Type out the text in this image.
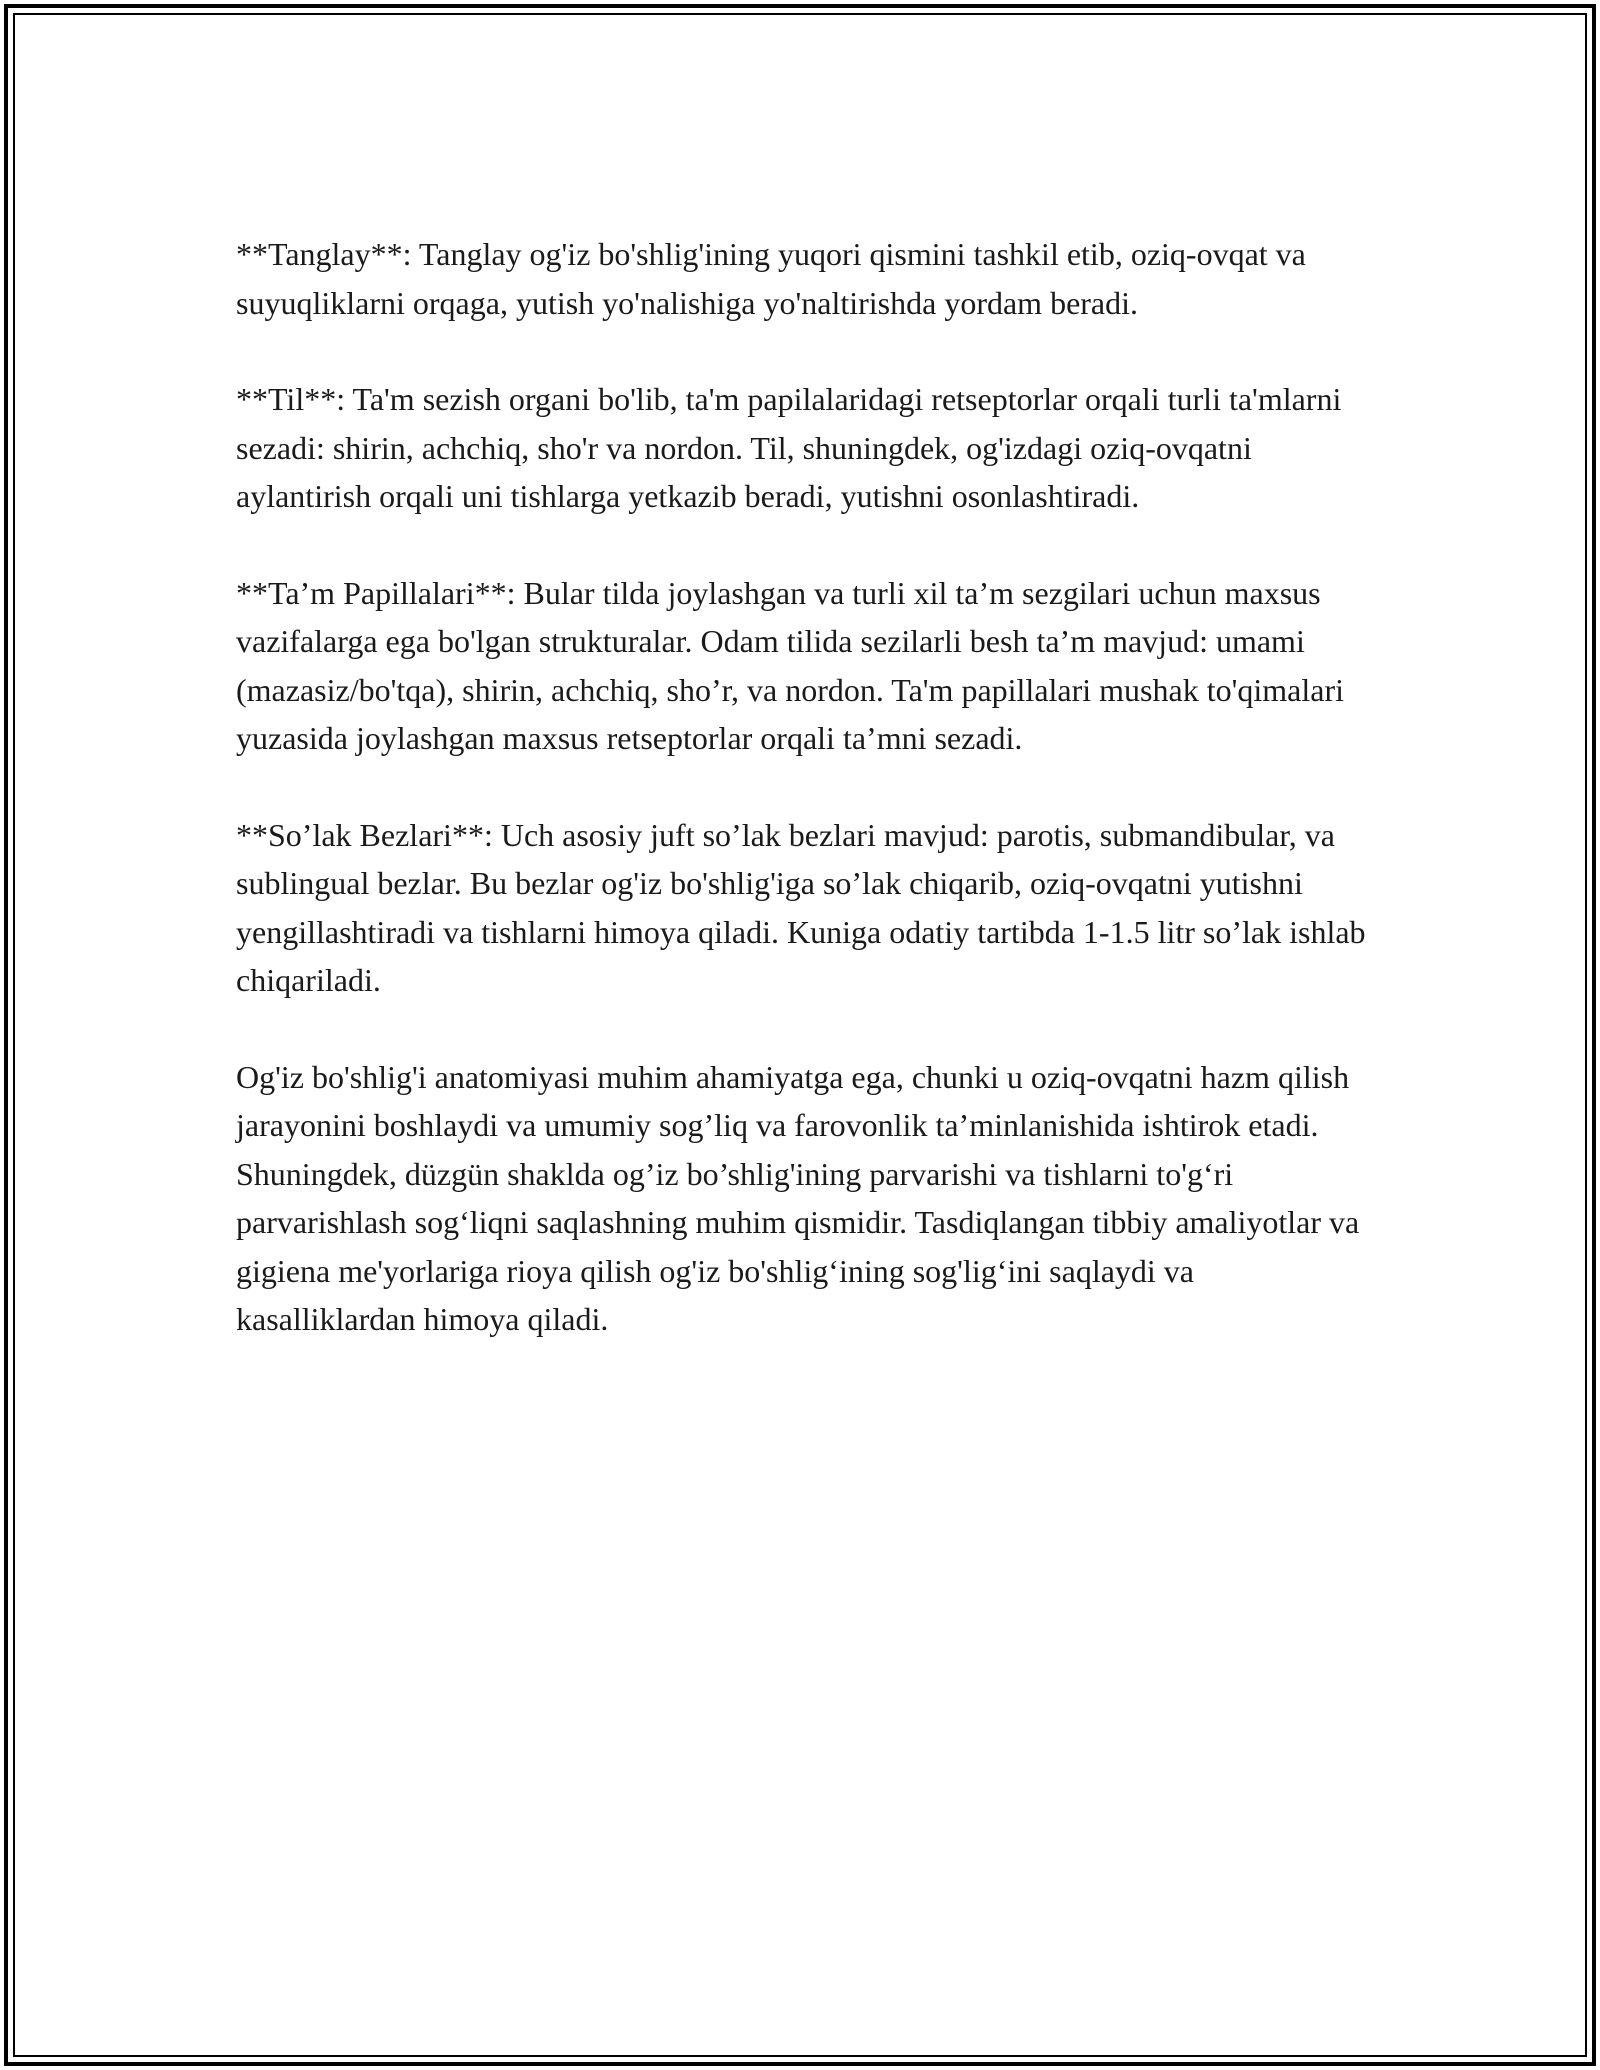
**Tanglay**: Tanglay og'iz bo'shlig'ining yuqori qismini tashkil etib, oziq-ovqat va suyuqliklarni orqaga, yutish yo'nalishiga yo'naltirishda yordam beradi.

**Til**: Ta'm sezish organi bo'lib, ta'm papilalaridagi retseptorlar orqali turli ta'mlarni sezadi: shirin, achchiq, sho'r va nordon. Til, shuningdek, og'izdagi oziq-ovqatni aylantirish orqali uni tishlarga yetkazib beradi, yutishni osonlashtiradi.

**Ta’m Papillalari**: Bular tilda joylashgan va turli xil ta’m sezgilari uchun maxsus vazifalarga ega bo'lgan strukturalar. Odam tilida sezilarli besh ta’m mavjud: umami (mazasiz/bo'tqa), shirin, achchiq, sho’r, va nordon. Ta'm papillalari mushak to'qimalari yuzasida joylashgan maxsus retseptorlar orqali ta’mni sezadi.

**So’lak Bezlari**: Uch asosiy juft so’lak bezlari mavjud: parotis, submandibular, va sublingual bezlar. Bu bezlar og'iz bo'shlig'iga so’lak chiqarib, oziq-ovqatni yutishni yengillashtiradi va tishlarni himoya qiladi. Kuniga odatiy tartibda 1-1.5 litr so’lak ishlab chiqariladi.

Og'iz bo'shlig'i anatomiyasi muhim ahamiyatga ega, chunki u oziq-ovqatni hazm qilish jarayonini boshlaydi va umumiy sog’liq va farovonlik ta’minlanishida ishtirok etadi. Shuningdek, düzgün shaklda og’iz bo’shlig'ining parvarishi va tishlarni to'g‘ri parvarishlash sog‘liqni saqlashning muhim qismidir. Tasdiqlangan tibbiy amaliyotlar va gigiena me'yorlariga rioya qilish og'iz bo'shlig‘ining sog'lig‘ini saqlaydi va kasalliklardan himoya qiladi.
